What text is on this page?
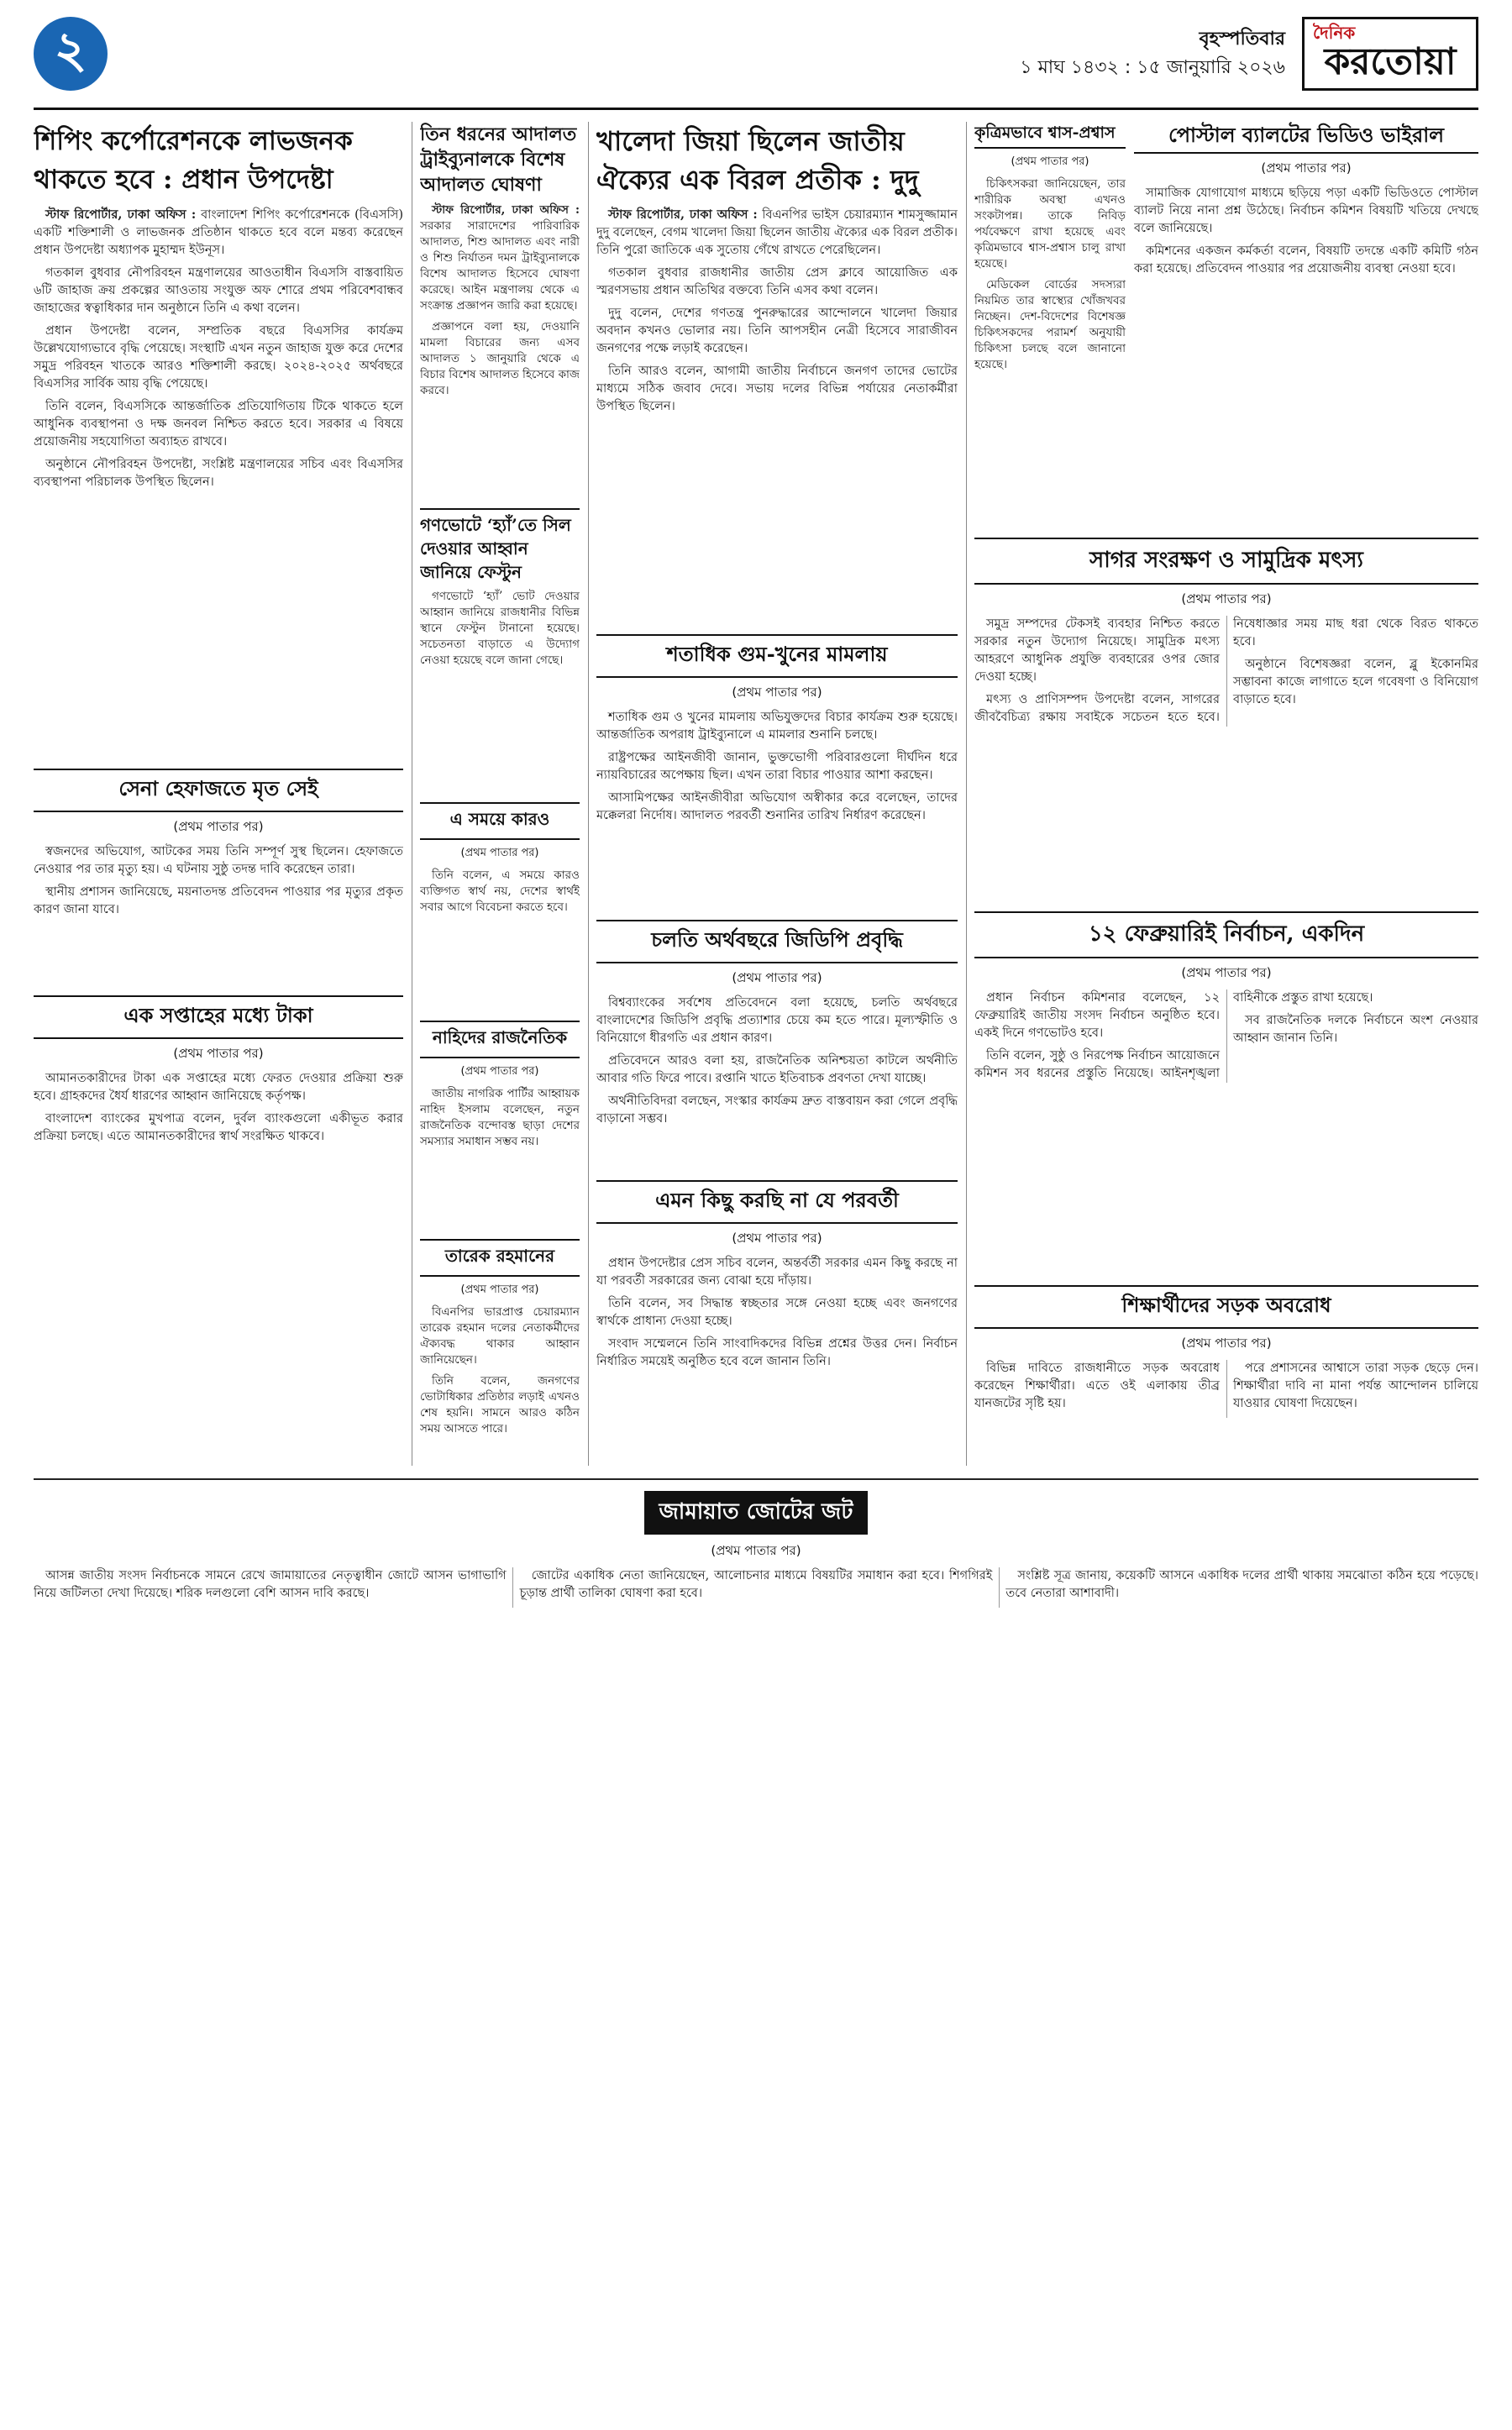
২	বৃহস্পতিবার
১ মাঘ ১৪৩২ : ১৫ জানুয়ারি ২০২৬
দৈনিক
করতোয়া
শিপিং কর্পোরেশনকে লাভজনক থাকতে হবে : প্রধান উপদেষ্টা

স্টাফ রিপোর্টার, ঢাকা অফিস : বাংলাদেশ শিপিং কর্পোরেশনকে (বিএসসি) একটি শক্তিশালী ও লাভজনক প্রতিষ্ঠান থাকতে হবে বলে মন্তব্য করেছেন প্রধান উপদেষ্টা অধ্যাপক মুহাম্মদ ইউনূস।

গতকাল বুধবার নৌপরিবহন মন্ত্রণালয়ের আওতাধীন বিএসসি বাস্তবায়িত ৬টি জাহাজ ক্রয় প্রকল্পের আওতায় সংযুক্ত অফ শোরে প্রথম পরিবেশবান্ধব জাহাজের স্বত্বাধিকার দান অনুষ্ঠানে তিনি এ কথা বলেন।

প্রধান উপদেষ্টা বলেন, সম্প্রতিক বছরে বিএসসির কার্যক্রম উল্লেখযোগ্যভাবে বৃদ্ধি পেয়েছে। সংস্থাটি এখন নতুন জাহাজ যুক্ত করে দেশের সমুদ্র পরিবহন খাতকে আরও শক্তিশালী করছে। ২০২৪-২০২৫ অর্থবছরে বিএসসির সার্বিক আয় বৃদ্ধি পেয়েছে।

তিনি বলেন, বিএসসিকে আন্তর্জাতিক প্রতিযোগিতায় টিকে থাকতে হলে আধুনিক ব্যবস্থাপনা ও দক্ষ জনবল নিশ্চিত করতে হবে। সরকার এ বিষয়ে প্রয়োজনীয় সহযোগিতা অব্যাহত রাখবে।

অনুষ্ঠানে নৌপরিবহন উপদেষ্টা, সংশ্লিষ্ট মন্ত্রণালয়ের সচিব এবং বিএসসির ব্যবস্থাপনা পরিচালক উপস্থিত ছিলেন।

সেনা হেফাজতে মৃত সেই
(প্রথম পাতার পর)

স্বজনদের অভিযোগ, আটকের সময় তিনি সম্পূর্ণ সুস্থ ছিলেন। হেফাজতে নেওয়ার পর তার মৃত্যু হয়। এ ঘটনায় সুষ্ঠু তদন্ত দাবি করেছেন তারা।

স্থানীয় প্রশাসন জানিয়েছে, ময়নাতদন্ত প্রতিবেদন পাওয়ার পর মৃত্যুর প্রকৃত কারণ জানা যাবে।

এক সপ্তাহের মধ্যে টাকা
(প্রথম পাতার পর)

আমানতকারীদের টাকা এক সপ্তাহের মধ্যে ফেরত দেওয়ার প্রক্রিয়া শুরু হবে। গ্রাহকদের ধৈর্য ধারণের আহ্বান জানিয়েছে কর্তৃপক্ষ।

বাংলাদেশ ব্যাংকের মুখপাত্র বলেন, দুর্বল ব্যাংকগুলো একীভূত করার প্রক্রিয়া চলছে। এতে আমানতকারীদের স্বার্থ সংরক্ষিত থাকবে।

তিন ধরনের আদালত ট্রাইব্যুনালকে বিশেষ আদালত ঘোষণা

স্টাফ রিপোর্টার, ঢাকা অফিস : সরকার সারাদেশের পারিবারিক আদালত, শিশু আদালত এবং নারী ও শিশু নির্যাতন দমন ট্রাইব্যুনালকে বিশেষ আদালত হিসেবে ঘোষণা করেছে। আইন মন্ত্রণালয় থেকে এ সংক্রান্ত প্রজ্ঞাপন জারি করা হয়েছে।

প্রজ্ঞাপনে বলা হয়, দেওয়ানি মামলা বিচারের জন্য এসব আদালত ১ জানুয়ারি থেকে এ বিচার বিশেষ আদালত হিসেবে কাজ করবে।

গণভোটে ‘হ্যাঁ’তে সিল দেওয়ার আহ্বান জানিয়ে ফেস্টুন

গণভোটে ‘হ্যাঁ’ ভোট দেওয়ার আহ্বান জানিয়ে রাজধানীর বিভিন্ন স্থানে ফেস্টুন টানানো হয়েছে। সচেতনতা বাড়াতে এ উদ্যোগ নেওয়া হয়েছে বলে জানা গেছে।

এ সময়ে কারও
(প্রথম পাতার পর)

তিনি বলেন, এ সময়ে কারও ব্যক্তিগত স্বার্থ নয়, দেশের স্বার্থই সবার আগে বিবেচনা করতে হবে।

নাহিদের রাজনৈতিক
(প্রথম পাতার পর)

জাতীয় নাগরিক পার্টির আহ্বায়ক নাহিদ ইসলাম বলেছেন, নতুন রাজনৈতিক বন্দোবস্ত ছাড়া দেশের সমস্যার সমাধান সম্ভব নয়।

তারেক রহমানের
(প্রথম পাতার পর)

বিএনপির ভারপ্রাপ্ত চেয়ারম্যান তারেক রহমান দলের নেতাকর্মীদের ঐক্যবদ্ধ থাকার আহ্বান জানিয়েছেন।

তিনি বলেন, জনগণের ভোটাধিকার প্রতিষ্ঠার লড়াই এখনও শেষ হয়নি। সামনে আরও কঠিন সময় আসতে পারে।

খালেদা জিয়া ছিলেন জাতীয় ঐক্যের এক বিরল প্রতীক : দুদু

স্টাফ রিপোর্টার, ঢাকা অফিস : বিএনপির ভাইস চেয়ারম্যান শামসুজ্জামান দুদু বলেছেন, বেগম খালেদা জিয়া ছিলেন জাতীয় ঐক্যের এক বিরল প্রতীক। তিনি পুরো জাতিকে এক সুতোয় গেঁথে রাখতে পেরেছিলেন।

গতকাল বুধবার রাজধানীর জাতীয় প্রেস ক্লাবে আয়োজিত এক স্মরণসভায় প্রধান অতিথির বক্তব্যে তিনি এসব কথা বলেন।

দুদু বলেন, দেশের গণতন্ত্র পুনরুদ্ধারের আন্দোলনে খালেদা জিয়ার অবদান কখনও ভোলার নয়। তিনি আপসহীন নেত্রী হিসেবে সারাজীবন জনগণের পক্ষে লড়াই করেছেন।

তিনি আরও বলেন, আগামী জাতীয় নির্বাচনে জনগণ তাদের ভোটের মাধ্যমে সঠিক জবাব দেবে। সভায় দলের বিভিন্ন পর্যায়ের নেতাকর্মীরা উপস্থিত ছিলেন।

শতাধিক গুম-খুনের মামলায়
(প্রথম পাতার পর)

শতাধিক গুম ও খুনের মামলায় অভিযুক্তদের বিচার কার্যক্রম শুরু হয়েছে। আন্তর্জাতিক অপরাধ ট্রাইব্যুনালে এ মামলার শুনানি চলছে।

রাষ্ট্রপক্ষের আইনজীবী জানান, ভুক্তভোগী পরিবারগুলো দীর্ঘদিন ধরে ন্যায়বিচারের অপেক্ষায় ছিল। এখন তারা বিচার পাওয়ার আশা করছেন।

আসামিপক্ষের আইনজীবীরা অভিযোগ অস্বীকার করে বলেছেন, তাদের মক্কেলরা নির্দোষ। আদালত পরবর্তী শুনানির তারিখ নির্ধারণ করেছেন।

চলতি অর্থবছরে জিডিপি প্রবৃদ্ধি
(প্রথম পাতার পর)

বিশ্বব্যাংকের সর্বশেষ প্রতিবেদনে বলা হয়েছে, চলতি অর্থবছরে বাংলাদেশের জিডিপি প্রবৃদ্ধি প্রত্যাশার চেয়ে কম হতে পারে। মূল্যস্ফীতি ও বিনিয়োগে ধীরগতি এর প্রধান কারণ।

প্রতিবেদনে আরও বলা হয়, রাজনৈতিক অনিশ্চয়তা কাটলে অর্থনীতি আবার গতি ফিরে পাবে। রপ্তানি খাতে ইতিবাচক প্রবণতা দেখা যাচ্ছে।

অর্থনীতিবিদরা বলছেন, সংস্কার কার্যক্রম দ্রুত বাস্তবায়ন করা গেলে প্রবৃদ্ধি বাড়ানো সম্ভব।

এমন কিছু করছি না যে পরবর্তী
(প্রথম পাতার পর)

প্রধান উপদেষ্টার প্রেস সচিব বলেন, অন্তর্বর্তী সরকার এমন কিছু করছে না যা পরবর্তী সরকারের জন্য বোঝা হয়ে দাঁড়ায়।

তিনি বলেন, সব সিদ্ধান্ত স্বচ্ছতার সঙ্গে নেওয়া হচ্ছে এবং জনগণের স্বার্থকে প্রাধান্য দেওয়া হচ্ছে।

সংবাদ সম্মেলনে তিনি সাংবাদিকদের বিভিন্ন প্রশ্নের উত্তর দেন। নির্বাচন নির্ধারিত সময়েই অনুষ্ঠিত হবে বলে জানান তিনি।

কৃত্রিমভাবে শ্বাস-প্রশ্বাস
(প্রথম পাতার পর)

চিকিৎসকরা জানিয়েছেন, তার শারীরিক অবস্থা এখনও সংকটাপন্ন। তাকে নিবিড় পর্যবেক্ষণে রাখা হয়েছে এবং কৃত্রিমভাবে শ্বাস-প্রশ্বাস চালু রাখা হয়েছে।

মেডিকেল বোর্ডের সদস্যরা নিয়মিত তার স্বাস্থ্যের খোঁজখবর নিচ্ছেন। দেশ-বিদেশের বিশেষজ্ঞ চিকিৎসকদের পরামর্শ অনুযায়ী চিকিৎসা চলছে বলে জানানো হয়েছে।

পোস্টাল ব্যালটের ভিডিও ভাইরাল
(প্রথম পাতার পর)

সামাজিক যোগাযোগ মাধ্যমে ছড়িয়ে পড়া একটি ভিডিওতে পোস্টাল ব্যালট নিয়ে নানা প্রশ্ন উঠেছে। নির্বাচন কমিশন বিষয়টি খতিয়ে দেখছে বলে জানিয়েছে।

কমিশনের একজন কর্মকর্তা বলেন, বিষয়টি তদন্তে একটি কমিটি গঠন করা হয়েছে। প্রতিবেদন পাওয়ার পর প্রয়োজনীয় ব্যবস্থা নেওয়া হবে।

সাগর সংরক্ষণ ও সামুদ্রিক মৎস্য
(প্রথম পাতার পর)

সমুদ্র সম্পদের টেকসই ব্যবহার নিশ্চিত করতে সরকার নতুন উদ্যোগ নিয়েছে। সামুদ্রিক মৎস্য আহরণে আধুনিক প্রযুক্তি ব্যবহারের ওপর জোর দেওয়া হচ্ছে।

মৎস্য ও প্রাণিসম্পদ উপদেষ্টা বলেন, সাগরের জীববৈচিত্র্য রক্ষায় সবাইকে সচেতন হতে হবে। নিষেধাজ্ঞার সময় মাছ ধরা থেকে বিরত থাকতে হবে।

অনুষ্ঠানে বিশেষজ্ঞরা বলেন, ব্লু ইকোনমির সম্ভাবনা কাজে লাগাতে হলে গবেষণা ও বিনিয়োগ বাড়াতে হবে।

১২ ফেব্রুয়ারিই নির্বাচন, একদিন
(প্রথম পাতার পর)

প্রধান নির্বাচন কমিশনার বলেছেন, ১২ ফেব্রুয়ারিই জাতীয় সংসদ নির্বাচন অনুষ্ঠিত হবে। একই দিনে গণভোটও হবে।

তিনি বলেন, সুষ্ঠু ও নিরপেক্ষ নির্বাচন আয়োজনে কমিশন সব ধরনের প্রস্তুতি নিয়েছে। আইনশৃঙ্খলা বাহিনীকে প্রস্তুত রাখা হয়েছে।

সব রাজনৈতিক দলকে নির্বাচনে অংশ নেওয়ার আহ্বান জানান তিনি।

শিক্ষার্থীদের সড়ক অবরোধ
(প্রথম পাতার পর)

বিভিন্ন দাবিতে রাজধানীতে সড়ক অবরোধ করেছেন শিক্ষার্থীরা। এতে ওই এলাকায় তীব্র যানজটের সৃষ্টি হয়।

পরে প্রশাসনের আশ্বাসে তারা সড়ক ছেড়ে দেন। শিক্ষার্থীরা দাবি না মানা পর্যন্ত আন্দোলন চালিয়ে যাওয়ার ঘোষণা দিয়েছেন।

জামায়াত জোটের জট
(প্রথম পাতার পর)

আসন্ন জাতীয় সংসদ নির্বাচনকে সামনে রেখে জামায়াতের নেতৃত্বাধীন জোটে আসন ভাগাভাগি নিয়ে জটিলতা দেখা দিয়েছে। শরিক দলগুলো বেশি আসন দাবি করছে।

জোটের একাধিক নেতা জানিয়েছেন, আলোচনার মাধ্যমে বিষয়টির সমাধান করা হবে। শিগগিরই চূড়ান্ত প্রার্থী তালিকা ঘোষণা করা হবে।

সংশ্লিষ্ট সূত্র জানায়, কয়েকটি আসনে একাধিক দলের প্রার্থী থাকায় সমঝোতা কঠিন হয়ে পড়েছে। তবে নেতারা আশাবাদী।
